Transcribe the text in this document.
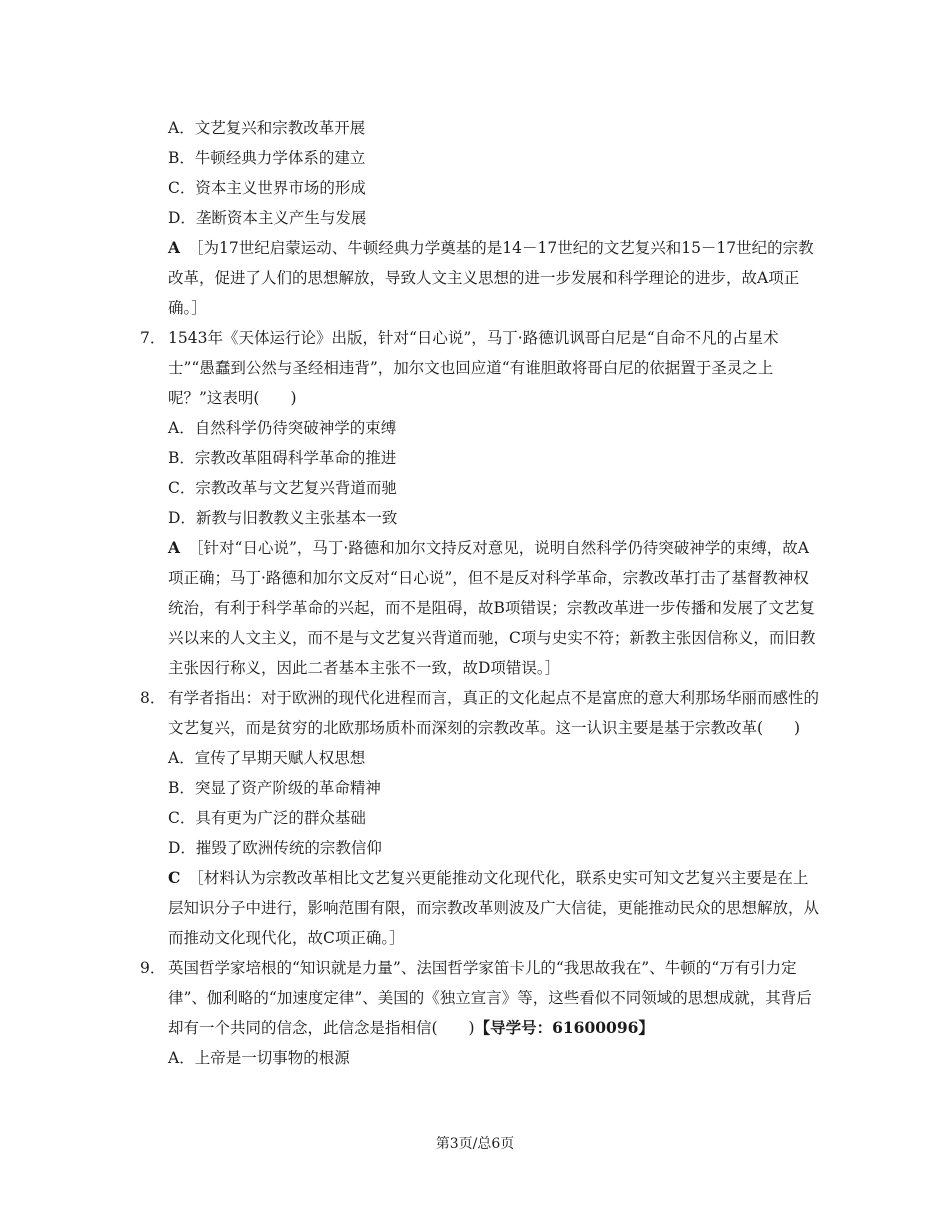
A．文艺复兴和宗教改革开展
B．牛顿经典力学体系的建立
C．资本主义世界市场的形成
D．垄断资本主义产生与发展
A ［为17世纪启蒙运动、牛顿经典力学奠基的是14－17世纪的文艺复兴和15－17世纪的宗教改革，促进了人们的思想解放，导致人文主义思想的进一步发展和科学理论的进步，故A项正确。］
7． 1543年《天体运行论》出版，针对“日心说”，马丁·路德讥讽哥白尼是“自命不凡的占星术士”“愚蠢到公然与圣经相违背”，加尔文也回应道“有谁胆敢将哥白尼的依据置于圣灵之上呢？”这表明(　　)
A．自然科学仍待突破神学的束缚
B．宗教改革阻碍科学革命的推进
C．宗教改革与文艺复兴背道而驰
D．新教与旧教教义主张基本一致
A ［针对“日心说”，马丁·路德和加尔文持反对意见，说明自然科学仍待突破神学的束缚，故A项正确；马丁·路德和加尔文反对“日心说”，但不是反对科学革命，宗教改革打击了基督教神权统治，有利于科学革命的兴起，而不是阻碍，故B项错误；宗教改革进一步传播和发展了文艺复兴以来的人文主义，而不是与文艺复兴背道而驰，C项与史实不符；新教主张因信称义，而旧教主张因行称义，因此二者基本主张不一致，故D项错误。］
8． 有学者指出：对于欧洲的现代化进程而言，真正的文化起点不是富庶的意大利那场华丽而感性的文艺复兴，而是贫穷的北欧那场质朴而深刻的宗教改革。这一认识主要是基于宗教改革(　　)
A．宣传了早期天赋人权思想
B．突显了资产阶级的革命精神
C．具有更为广泛的群众基础
D．摧毁了欧洲传统的宗教信仰
C ［材料认为宗教改革相比文艺复兴更能推动文化现代化，联系史实可知文艺复兴主要是在上层知识分子中进行，影响范围有限，而宗教改革则波及广大信徒，更能推动民众的思想解放，从而推动文化现代化，故C项正确。］
9． 英国哲学家培根的“知识就是力量”、法国哲学家笛卡儿的“我思故我在”、牛顿的“万有引力定律”、伽利略的“加速度定律”、美国的《独立宣言》等，这些看似不同领域的思想成就，其背后却有一个共同的信念，此信念是指相信(　　)【导学号：61600096】
A．上帝是一切事物的根源
第3页/总6页
